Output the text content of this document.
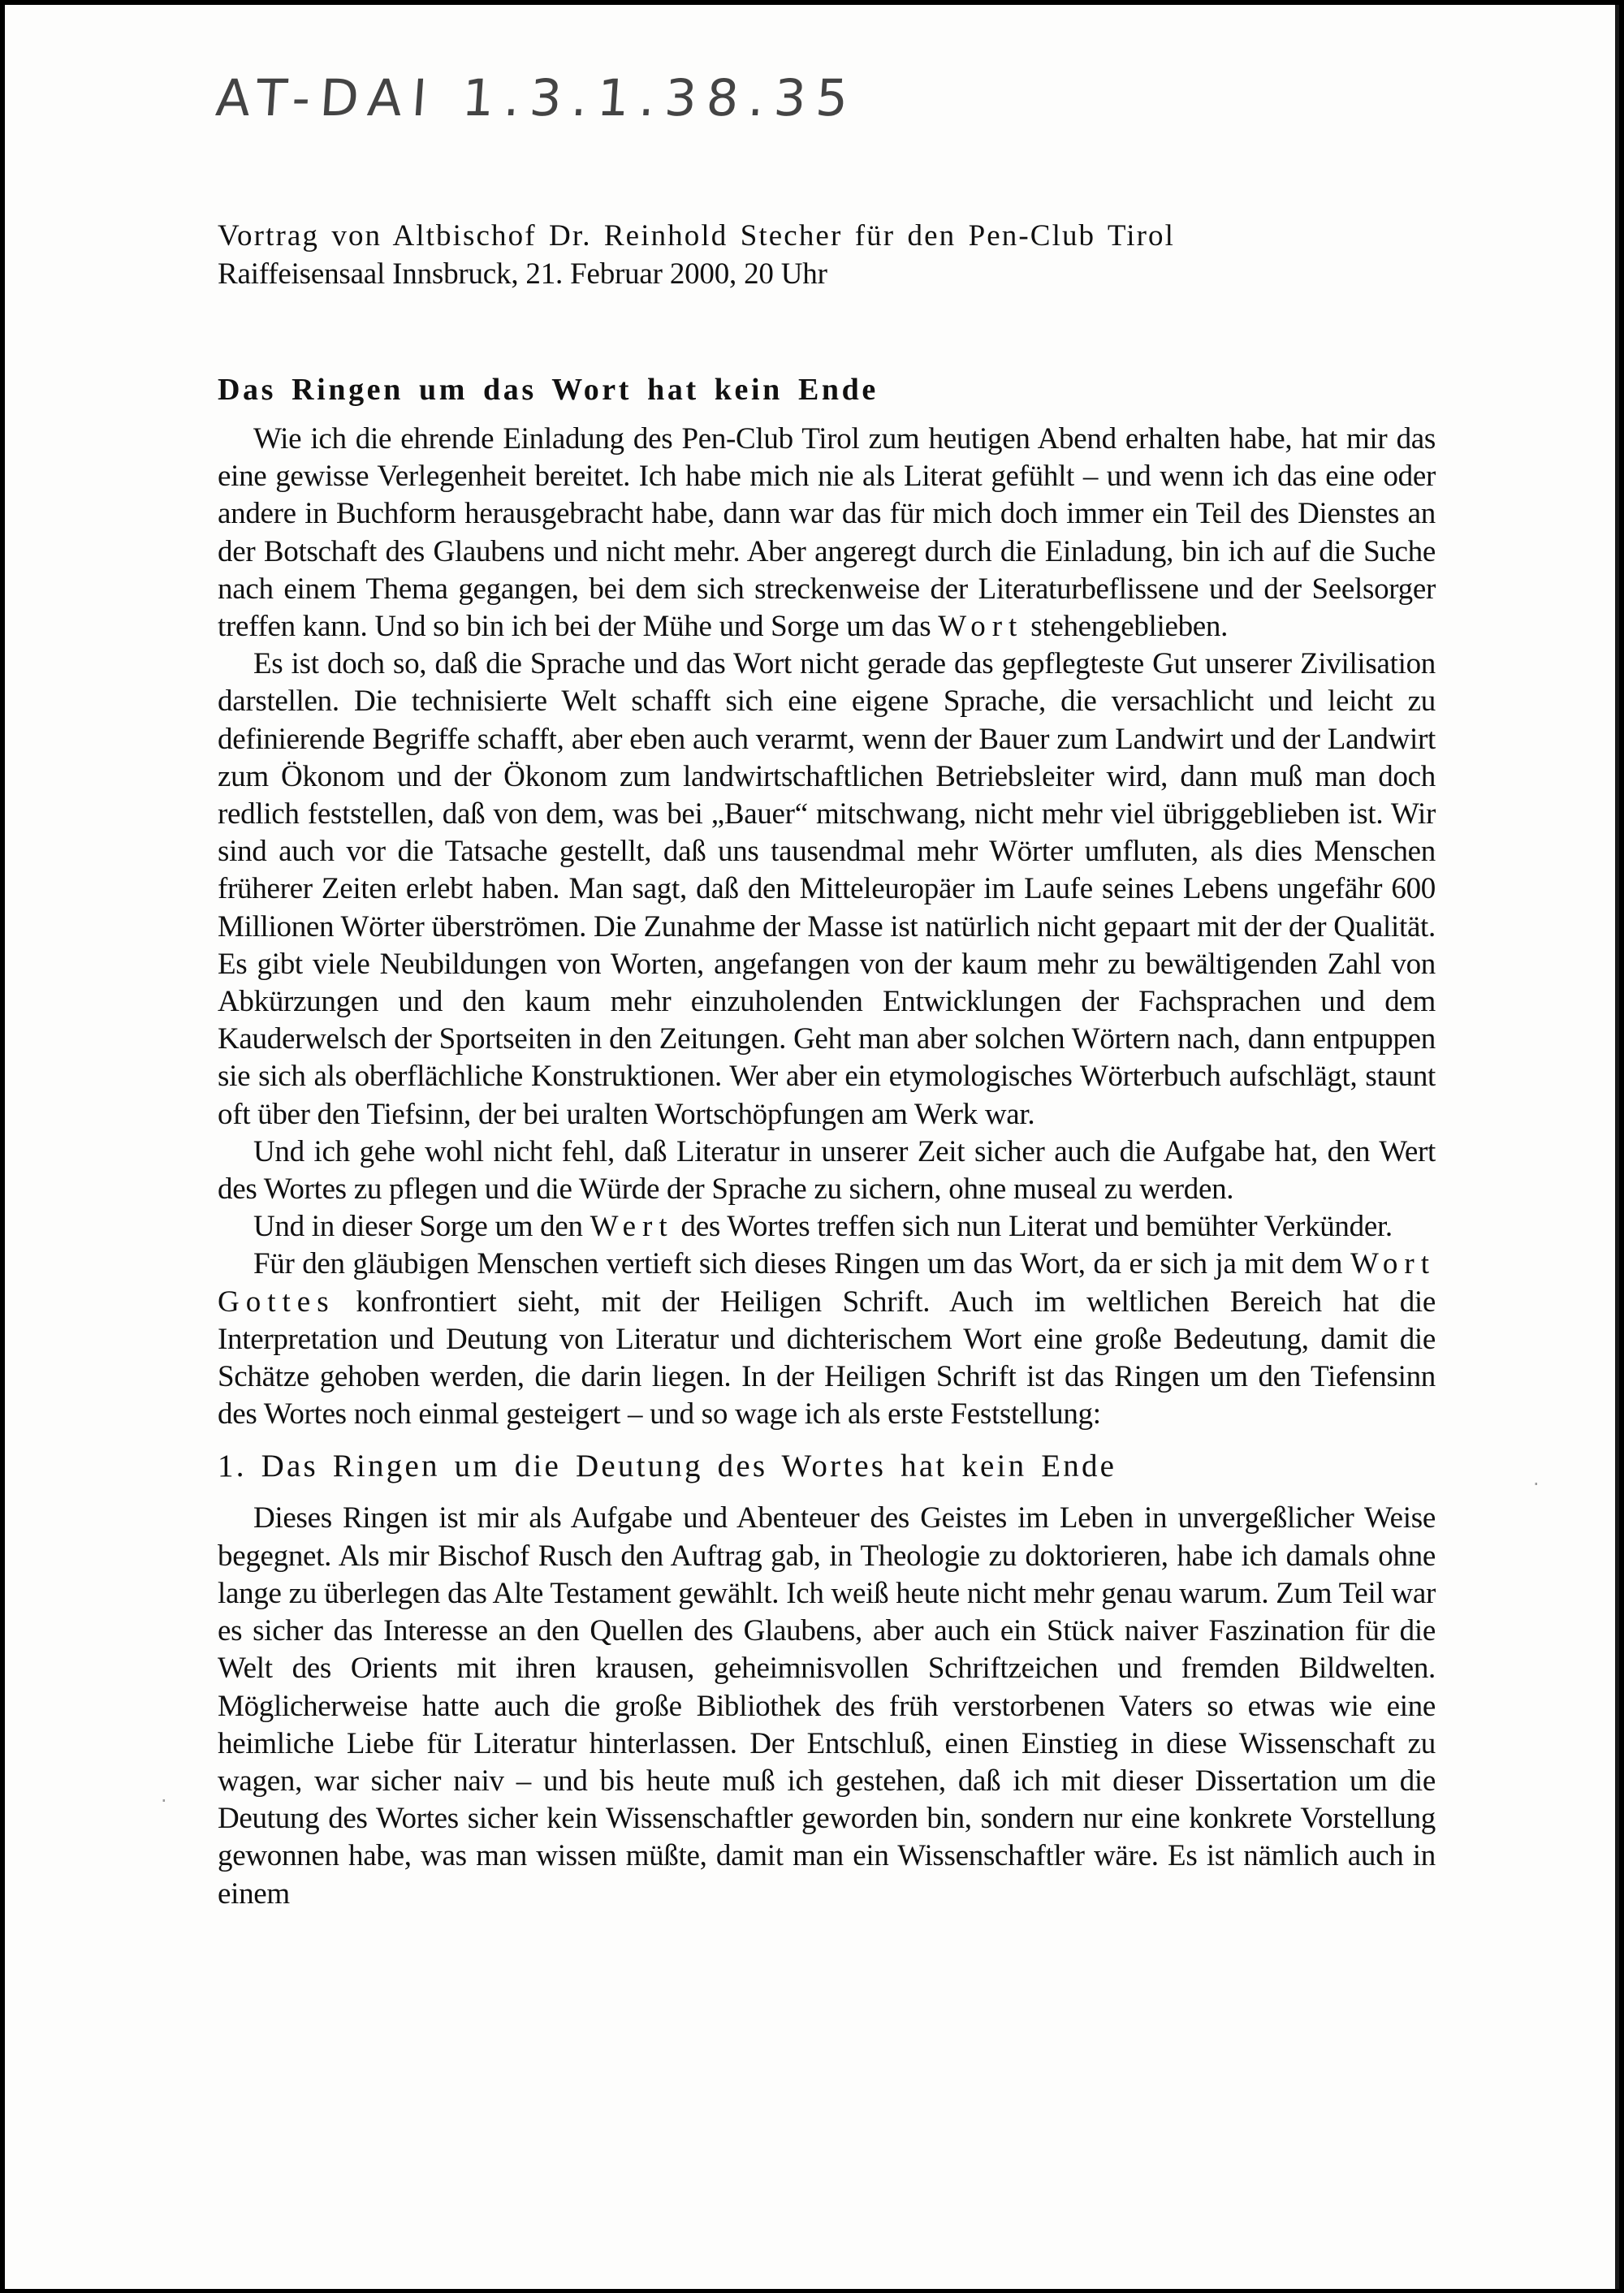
AT-DAI 1.3.1.38.35
Vortrag von Altbischof Dr. Reinhold Stecher für den Pen-Club Tirol
Raiffeisensaal Innsbruck, 21. Februar 2000, 20 Uhr
Das Ringen um das Wort hat kein Ende

Wie ich die ehrende Einladung des Pen-Club Tirol zum heutigen Abend erhalten habe, hat mir das eine gewisse Verlegenheit bereitet. Ich habe mich nie als Literat gefühlt – und wenn ich das eine oder andere in Buchform herausgebracht habe, dann war das für mich doch immer ein Teil des Dienstes an der Botschaft des Glaubens und nicht mehr. Aber angeregt durch die Einladung, bin ich auf die Suche nach einem Thema gegangen, bei dem sich streckenweise der Literaturbeflissene und der Seelsorger treffen kann. Und so bin ich bei der Mühe und Sorge um das Wort stehengeblieben.

Es ist doch so, daß die Sprache und das Wort nicht gerade das gepflegteste Gut unserer Zivilisation darstellen. Die technisierte Welt schafft sich eine eigene Sprache, die versachlicht und leicht zu definierende Begriffe schafft, aber eben auch verarmt, wenn der Bauer zum Landwirt und der Landwirt zum Ökonom und der Ökonom zum landwirtschaftlichen Betriebsleiter wird, dann muß man doch redlich feststellen, daß von dem, was bei „Bauer“ mitschwang, nicht mehr viel übriggeblieben ist. Wir sind auch vor die Tatsache gestellt, daß uns tausendmal mehr Wörter umfluten, als dies Menschen früherer Zeiten erlebt haben. Man sagt, daß den Mitteleuropäer im Laufe seines Lebens ungefähr 600 Millionen Wörter überströmen. Die Zunahme der Masse ist natürlich nicht gepaart mit der der Qualität. Es gibt viele Neubildungen von Worten, angefangen von der kaum mehr zu bewältigenden Zahl von Abkürzungen und den kaum mehr einzuholenden Entwicklungen der Fachsprachen und dem Kauderwelsch der Sportseiten in den Zeitungen. Geht man aber solchen Wörtern nach, dann entpuppen sie sich als oberflächliche Konstruktionen. Wer aber ein etymologisches Wörterbuch aufschlägt, staunt oft über den Tiefsinn, der bei uralten Wortschöpfungen am Werk war.

Und ich gehe wohl nicht fehl, daß Literatur in unserer Zeit sicher auch die Aufgabe hat, den Wert des Wortes zu pflegen und die Würde der Sprache zu sichern, ohne museal zu werden.

Und in dieser Sorge um den Wert des Wortes treffen sich nun Literat und bemühter Verkünder.

Für den gläubigen Menschen vertieft sich dieses Ringen um das Wort, da er sich ja mit dem Wort Gottes konfrontiert sieht, mit der Heiligen Schrift. Auch im weltlichen Bereich hat die Interpretation und Deutung von Literatur und dichterischem Wort eine große Bedeutung, damit die Schätze gehoben werden, die darin liegen. In der Heiligen Schrift ist das Ringen um den Tiefensinn des Wortes noch einmal gesteigert – und so wage ich als erste Feststellung:

1. Das Ringen um die Deutung des Wortes hat kein Ende

Dieses Ringen ist mir als Aufgabe und Abenteuer des Geistes im Leben in unvergeßlicher Weise begegnet. Als mir Bischof Rusch den Auftrag gab, in Theologie zu doktorieren, habe ich damals ohne lange zu überlegen das Alte Testament gewählt. Ich weiß heute nicht mehr genau warum. Zum Teil war es sicher das Interesse an den Quellen des Glaubens, aber auch ein Stück naiver Faszination für die Welt des Orients mit ihren krausen, geheimnisvollen Schriftzeichen und fremden Bildwelten. Möglicherweise hatte auch die große Bibliothek des früh verstorbenen Vaters so etwas wie eine heimliche Liebe für Literatur hinterlassen. Der Entschluß, einen Einstieg in diese Wissenschaft zu wagen, war sicher naiv – und bis heute muß ich gestehen, daß ich mit dieser Dissertation um die Deutung des Wortes sicher kein Wissenschaftler geworden bin, sondern nur eine konkrete Vorstellung gewonnen habe, was man wissen müßte, damit man ein Wissenschaftler wäre. Es ist nämlich auch in einem

·
·
